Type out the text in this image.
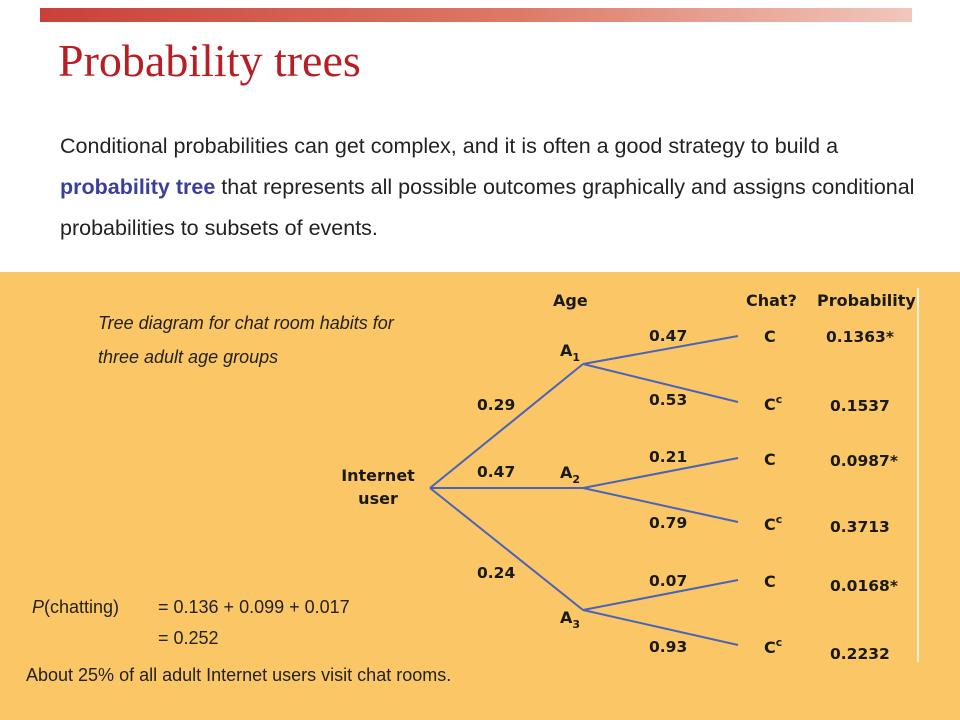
Probability trees
Conditional probabilities can get complex, and it is often a good strategy to build a probability tree that represents all possible outcomes graphically and assigns conditional probabilities to subsets of events.
Tree diagram for chat room habits for three adult age groups
Age	Chat? Probability
Internet
user
0.29
0.47
0.24
$A_1$
$A_2$
$A_3$
0.47
0.53
0.21
0.79
0.07
0.93
C
$C^c$
C
$C^c$
C
$C^c$
0.1363*
0.1537
0.0987*
0.3713
0.0168*
0.2232
P(chatting) = 0.136 + 0.099 + 0.017
= 0.252
About 25% of all adult Internet users visit chat rooms.
